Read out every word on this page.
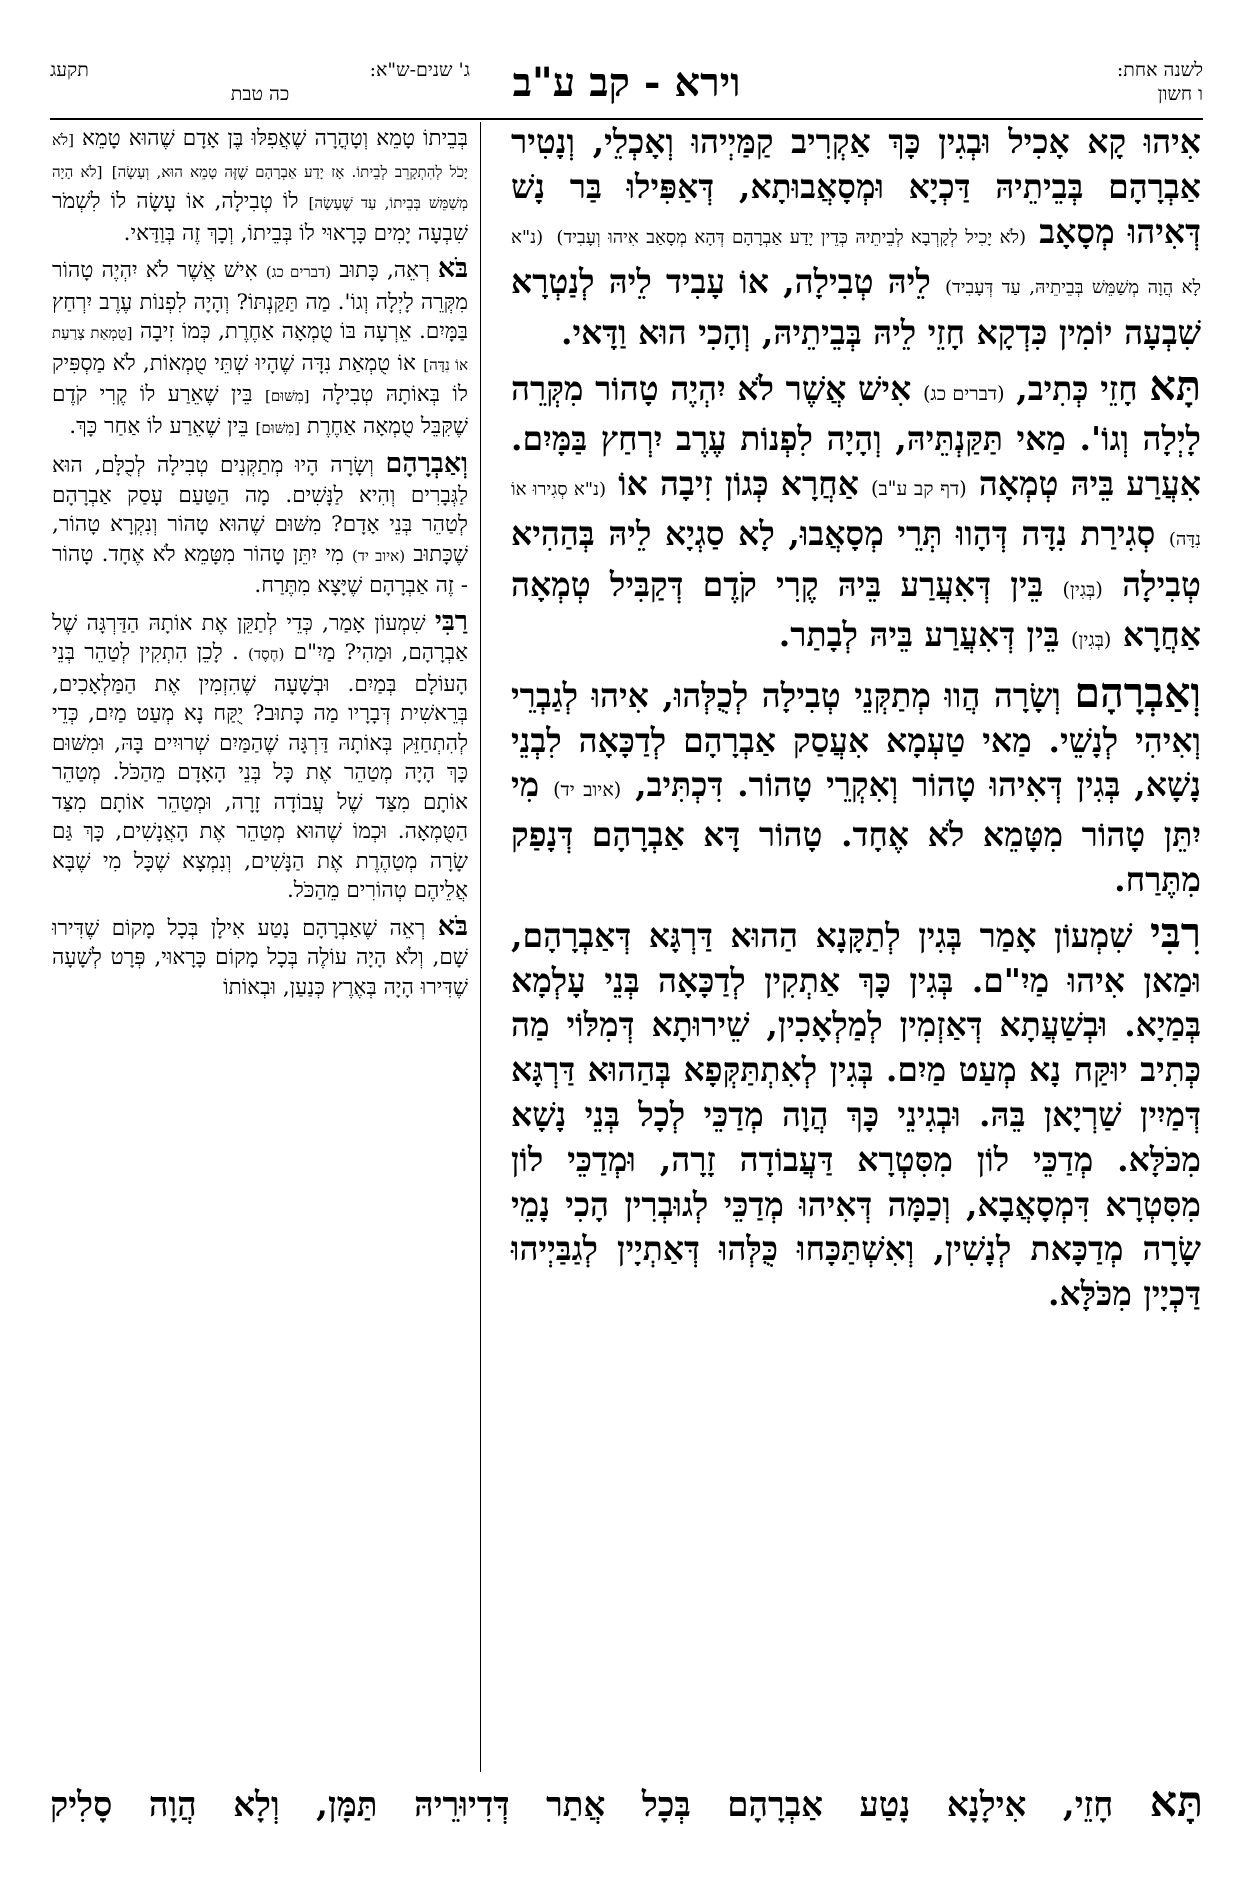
לשנה אחת:
ו חשון
וירא - קב ע"ב
ג' שנים-ש"א:
תקעג
כה טבת

אִיהוּ קָא אָכִיל וּבְגִין כָּךְ אַקְרִיב קַמַּיְיהוּ וְאָכְלֵי, וְנָטִיר אַבְרָהָם בְּבֵיתֵיהּ דַּכְיָא וּמְסָאֲבוּתָא, דְּאַפִּילוּ בַּר נָשׁ דְּאִיהוּ מְסָאָב (לֹא יָכִיל לְקָרְבָא לְבֵיתֵיהּ כְּדֵין יָדַע אַבְרָהָם דְּהָא מְסָאַב אִיהוּ וְעָבִיד) (נ"א לָא הֲוָה מְשַׁמֵּשׁ בְּבֵיתֵיהּ, עַד דְּעָבִיד) לֵיהּ טְבִילָה, אוֹ עָבִיד לֵיהּ לְנַטְרָא שִׁבְעָה יוֹמִין כִּדְקָא חָזֵי לֵיהּ בְּבֵיתֵיהּ, וְהָכִי הוּא וַדָּאי.

תָּא חָזֵי כְּתִיב, (דברים כג) אִישׁ אֲשֶׁר לֹא יִהְיֶה טָהוֹר מִקְּרֵה לָיְלָה וְגוֹ'. מַאי תַּקַּנְתֵּיהּ, וְהָיָה לִפְנוֹת עֶרֶב יִרְחַץ בַּמָּיִם. אִעֲרַע בֵּיהּ טְמְאָה (דף קב ע"ב) אַחֲרָא כְּגוֹן זִיבָה אוֹ (נ"א סְגִירוּ אוֹ נִדָּה) סְגִירַת נִדָּה דְּהָווּ תְּרֵי מְסָאֲבוּ, לָא סַגְיָא לֵיהּ בְּהַהִיא טְבִילָה (בְּגִין) בֵּין דְּאִעֲרַע בֵּיהּ קֶרִי קֹדֶם דְּקַבִּיל טְמְאָה אַחֲרָא (בְּגִין) בֵּין דְּאִעֲרַע בֵּיהּ לְבָתַר.

וְאַבְרָהָם וְשָׂרָה הֲווּ מְתַקְּנֵי טְבִילָה לְכֻלְּהוּ, אִיהוּ לְגַבְרֵי וְאִיהִי לְנָשֵׁי. מַאי טַעְמָא אִעֲסַק אַבְרָהָם לְדַכָּאָה לִבְנֵי נָשָׁא, בְּגִין דְּאִיהוּ טָהוֹר וְאִקְרֵי טָהוֹר. דִּכְתִּיב, (איוב יד) מִי יִתֵּן טָהוֹר מִטָּמֵא לֹא אֶחָד. טָהוֹר דָּא אַבְרָהָם דְּנָפַק מִתֶּרַח.

רִבִּי שִׁמְעוֹן אָמַר בְּגִין לְתַקָּנָא הַהוּא דַּרְגָּא דְּאַבְרָהָם, וּמַאן אִיהוּ מַיִ"ם. בְּגִין כָּךְ אַתְקִין לְדַכָּאָה בְּנֵי עָלְמָא בְּמַיָא. וּבְשַׁעֲתָא דְּאַזְמִין לְמַלְאָכִין, שֵׁירוּתָא דְּמִלּוֹי מַה כְּתִיב יוּקַּח נָא מְעַט מַיִם. בְּגִין לְאִתְתַּקְּפָא בְּהַהוּא דַּרְגָּא דְּמַיִין שַׁרְיָאן בֵּהּ. וּבְגִינֵי כָּךְ הֲוָה מְדַכֵּי לְכָל בְּנֵי נָשָׁא מִכֹּלָּא. מְדַכֵּי לוֹן מִסִּטְרָא דַּעֲבוֹדָה זָרָה, וּמְדַכֵּי לוֹן מִסִּטְרָא דִּמְסָאֲבָא, וְכַמָּה דְּאִיהוּ מְדַכֵּי לְגוּבְרִין הָכִי נָמֵי שָׂרָה מְדַכָּאת לְנָשִׁין, וְאִשְׁתַּכָּחוּ כֻּלְּהוּ דְּאַתְיָין לְגַבַּיְיהוּ דַּכְיָין מִכֹּלָּא.

בְּבֵיתוֹ טָמֵא וְטָהֳרָה שֶׁאֲפִלּוּ בֶּן אָדָם שֶׁהוּא טָמֵא [לֹא יָכֹל לְהִתְקָרֵב לְבֵיתוֹ. אָז יָדַע אַבְרָהָם שֶׁזֶּה טָמֵא הוּא, וְעָשָׂה] [לֹא הָיָה מְשַׁמֵּשׁ בְּבֵיתוֹ, עַד שֶׁעָשָׂה] לוֹ טְבִילָה, אוֹ עָשָׂה לוֹ לִשְׁמֹר שִׁבְעָה יָמִים כָּרָאוּי לוֹ בְּבֵיתוֹ, וְכָךְ זֶה בְּוַדַּאי.

בֹּא רְאֵה, כָּתוּב (דברים כג) אִישׁ אֲשֶׁר לֹא יִהְיֶה טָהוֹר מִקְּרֵה לָיְלָה וְגוֹ'. מַה תַּקַּנְתּוֹ? וְהָיָה לִפְנוֹת עֶרֶב יִרְחַץ בַּמָּיִם. אֵרְעָה בּוֹ טֻמְאָה אַחֶרֶת, כְּמוֹ זִיבָה [טֻמְאַת צָרַעַת אוֹ נִדָּה] אוֹ טֻמְאַת נִדָּה שֶׁהָיוּ שְׁתֵּי טֻמְאוֹת, לֹא מַסְפִּיק לוֹ בְּאוֹתָהּ טְבִילָה [מִשּׁוּם] בֵּין שֶׁאֵרַע לוֹ קֶרִי קֹדֶם שֶׁקִּבֵּל טֻמְאָה אַחֶרֶת [מִשּׁוּם] בֵּין שֶׁאֵרַע לוֹ אַחַר כָּךְ.

וְאַבְרָהָם וְשָׂרָה הָיוּ מְתַקְּנִים טְבִילָה לְכֻלָּם, הוּא לַגְּבָרִים וְהִיא לַנָּשִׁים. מָה הַטַּעַם עָסַק אַבְרָהָם לְטַהֵר בְּנֵי אָדָם? מִשּׁוּם שֶׁהוּא טָהוֹר וְנִקְרָא טָהוֹר, שֶׁכָּתוּב (איוב יד) מִי יִתֵּן טָהוֹר מִטָּמֵא לֹא אֶחָד. טָהוֹר - זֶה אַבְרָהָם שֶׁיָּצָא מִתֶּרַח.

רַבִּי שִׁמְעוֹן אָמַר, כְּדֵי לְתַקֵּן אֶת אוֹתָהּ הַדַּרְגָּה שֶׁל אַבְרָהָם, וּמַהִי? מַיִ"ם (חֶסֶד) . לָכֵן הִתְקִין לְטַהֵר בְּנֵי הָעוֹלָם בְּמַיִם. וּבְשָׁעָה שֶׁהִזְמִין אֶת הַמַּלְאָכִים, בְּרֵאשִׁית דְּבָרָיו מַה כָּתוּב? יֻקַּח נָא מְעַט מַיִם, כְּדֵי לְהִתְחַזֵּק בְּאוֹתָהּ דַּרְגָּה שֶׁהַמַּיִם שְׁרוּיִים בָּהּ, וּמִשּׁוּם כָּךְ הָיָה מְטַהֵר אֶת כָּל בְּנֵי הָאָדָם מֵהַכֹּל. מְטַהֵר אוֹתָם מִצַּד שֶׁל עֲבוֹדָה זָרָה, וּמְטַהֵר אוֹתָם מִצַּד הַטֻּמְאָה. וּכְמוֹ שֶׁהוּא מְטַהֵר אֶת הָאֲנָשִׁים, כָּךְ גַּם שָׂרָה מְטַהֶרֶת אֶת הַנָּשִׁים, וְנִמְצָא שֶׁכָּל מִי שֶׁבָּא אֲלֵיהֶם טְהוֹרִים מֵהַכֹּל.

בֹּא רְאֵה שֶׁאַבְרָהָם נָטַע אִילָן בְּכָל מָקוֹם שֶׁדִּירוּ שָׁם, וְלֹא הָיָה עוֹלֶה בְּכָל מָקוֹם כָּרָאוּי, פְּרָט לְשָׁעָה שֶׁדִּירוּ הָיָה בְּאֶרֶץ כְּנַעַן, וּבְאוֹתוֹ

תָּא חָזֵי, אִילָנָא נָטַע אַבְרָהָם בְּכָל אֲתַר דְּדִיוּרֵיהּ תַּמָּן, וְלָא הֲוָה סָלִיק
